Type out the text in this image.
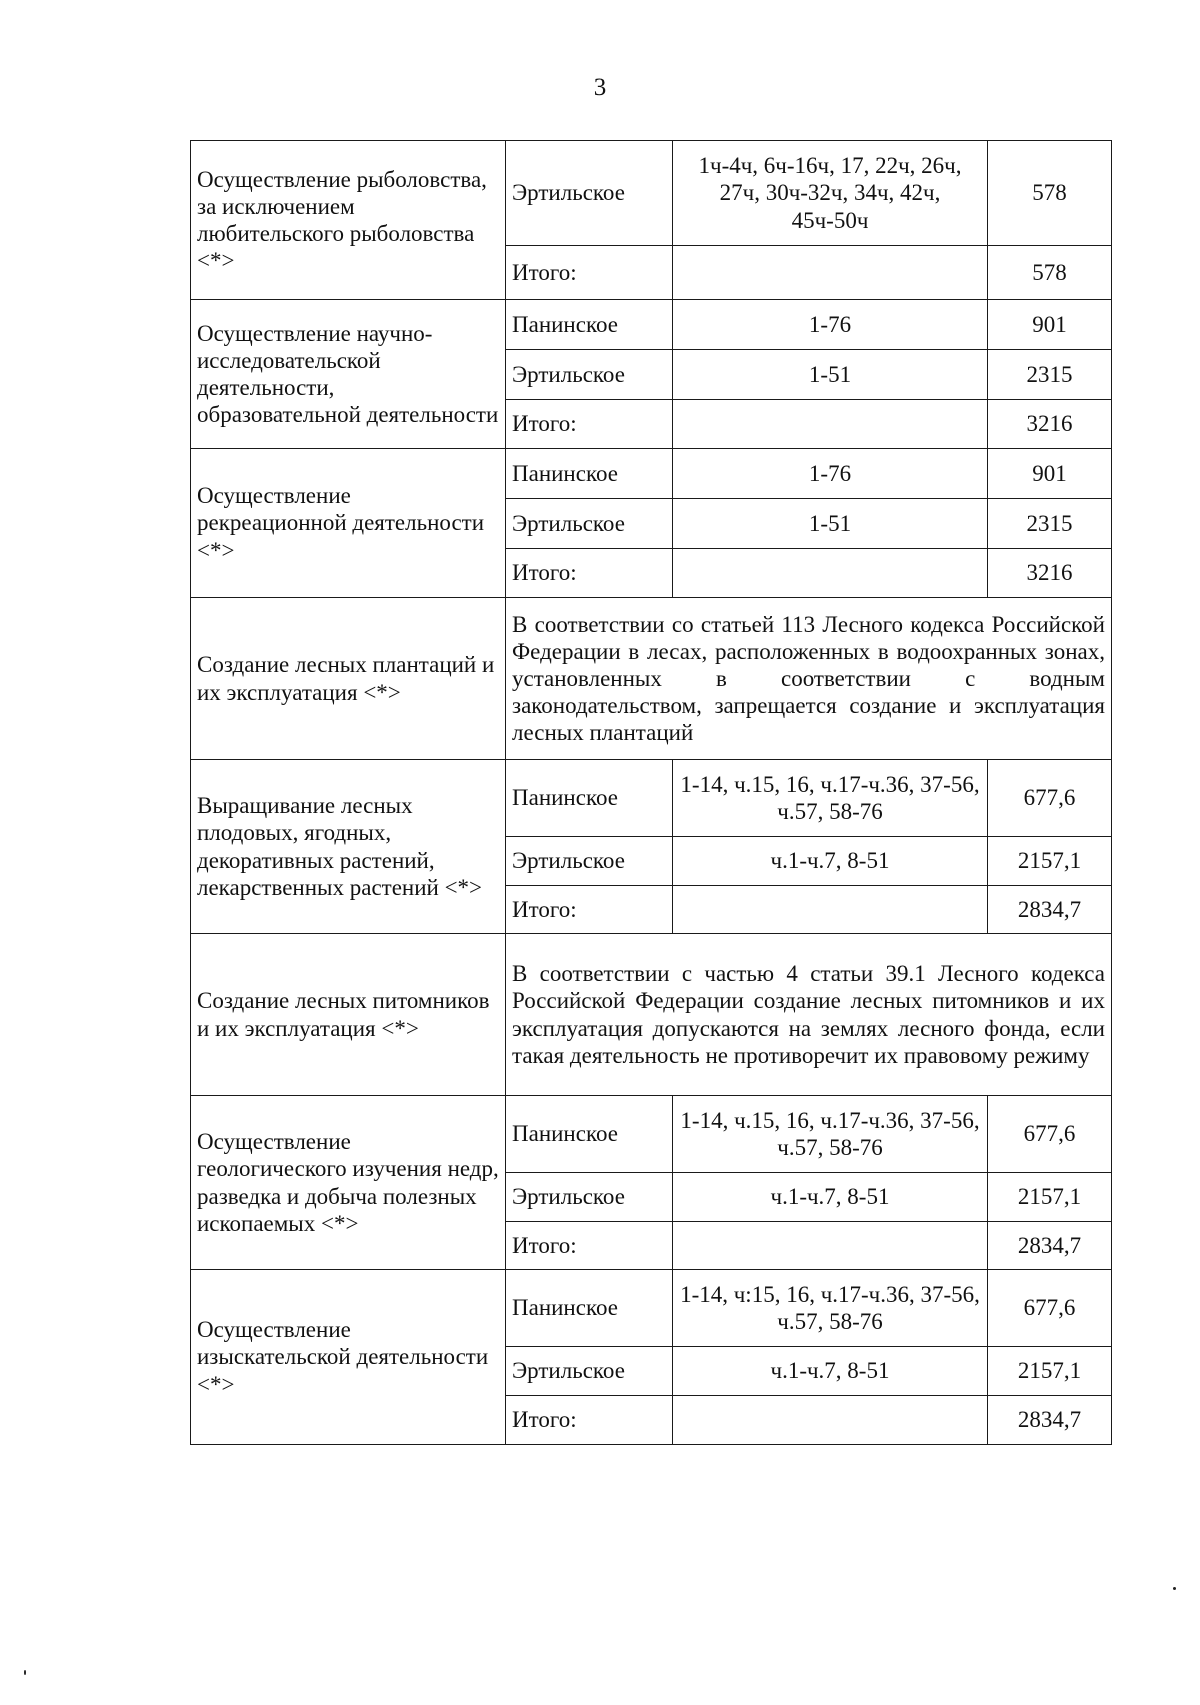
3
Осуществление рыболовства, за исключением любительского рыболовства <*>	Эртильское	1ч-4ч, 6ч-16ч, 17, 22ч, 26ч, 27ч, 30ч-32ч, 34ч, 42ч, 45ч-50ч	578
	Итого:		578
Осуществление научно-исследовательской деятельности, образовательной деятельности	Панинское	1-76	901
	Эртильское	1-51	2315
	Итого:		3216
Осуществление рекреационной деятельности <*>	Панинское	1-76	901
	Эртильское	1-51	2315
	Итого:		3216
Создание лесных плантаций и их эксплуатация <*>	В соответствии со статьей 113 Лесного кодекса Российской Федерации в лесах, расположенных в водоохранных зонах, установленных в соответствии с водным законодательством, запрещается создание и эксплуатация лесных плантаций		
Выращивание лесных плодовых, ягодных, декоративных растений, лекарственных растений <*>	Панинское	1-14, ч.15, 16, ч.17-ч.36, 37-56, ч.57, 58-76	677,6
	Эртильское	ч.1-ч.7, 8-51	2157,1
	Итого:		2834,7
Создание лесных питомников и их эксплуатация <*>	В соответствии с частью 4 статьи 39.1 Лесного кодекса Российской Федерации создание лесных питомников и их эксплуатация допускаются на землях лесного фонда, если такая деятельность не противоречит их правовому режиму		
Осуществление геологического изучения недр, разведка и добыча полезных ископаемых <*>	Панинское	1-14, ч.15, 16, ч.17-ч.36, 37-56, ч.57, 58-76	677,6
	Эртильское	ч.1-ч.7, 8-51	2157,1
	Итого:		2834,7
Осуществление изыскательской деятельности <*>	Панинское	1-14, ч:15, 16, ч.17-ч.36, 37-56, ч.57, 58-76	677,6
	Эртильское	ч.1-ч.7, 8-51	2157,1
	Итого:		2834,7
